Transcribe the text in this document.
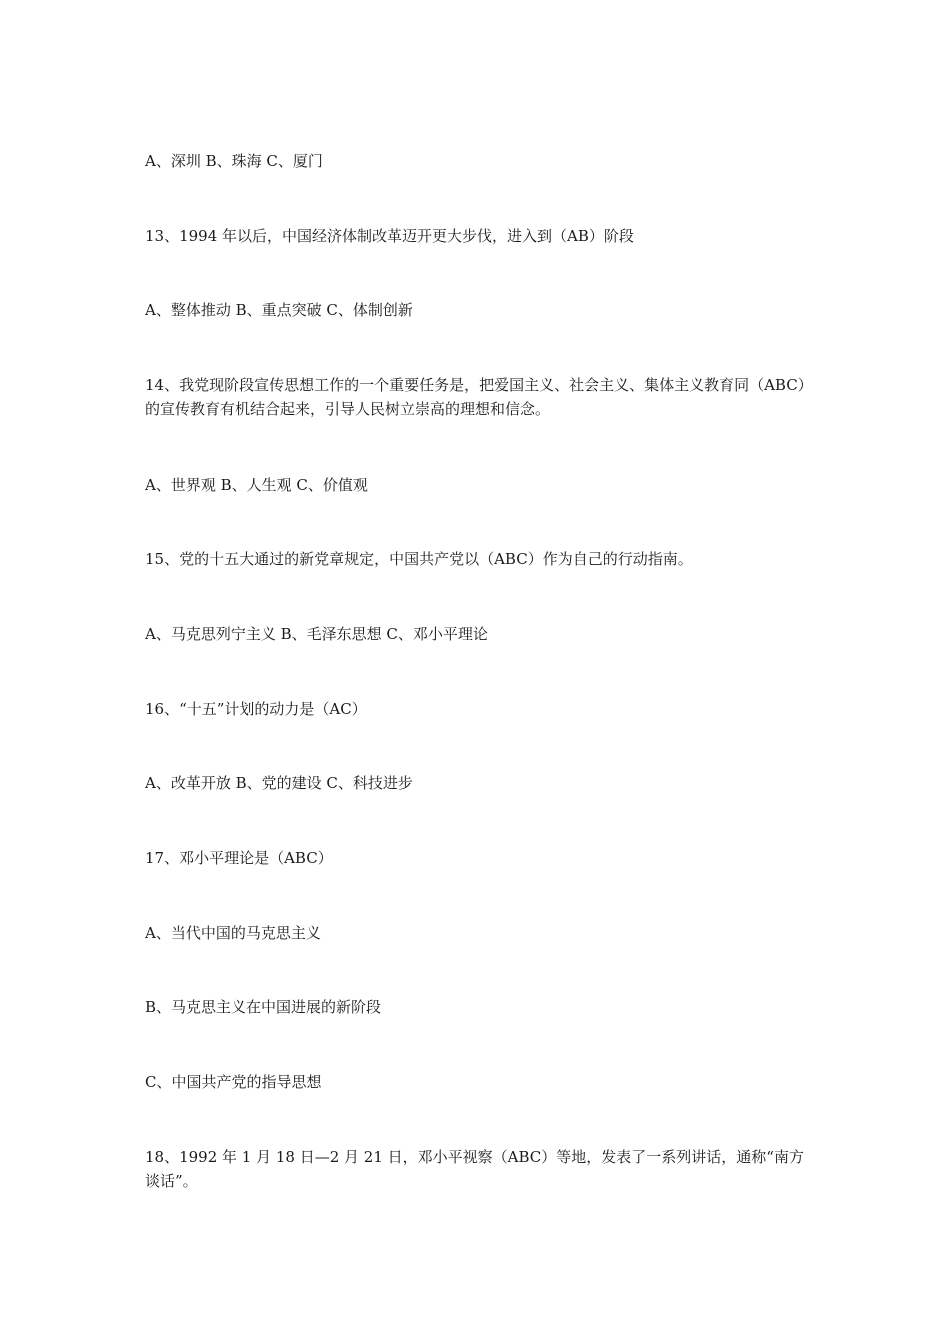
A、深圳 B、珠海 C、厦门

13、1994 年以后，中国经济体制改革迈开更大步伐，进入到（AB）阶段

A、整体推动 B、重点突破 C、体制创新

14、我党现阶段宣传思想工作的一个重要任务是，把爱国主义、社会主义、集体主义教育同（ABC）的宣传教育有机结合起来，引导人民树立崇高的理想和信念。

A、世界观 B、人生观 C、价值观

15、党的十五大通过的新党章规定，中国共产党以（ABC）作为自己的行动指南。

A、马克思列宁主义 B、毛泽东思想 C、邓小平理论

16、“十五”计划的动力是（AC）

A、改革开放 B、党的建设 C、科技进步

17、邓小平理论是（ABC）

A、当代中国的马克思主义

B、马克思主义在中国进展的新阶段

C、中国共产党的指导思想

18、1992 年 1 月 18 日—2 月 21 日，邓小平视察（ABC）等地，发表了一系列讲话，通称“南方谈话”。
